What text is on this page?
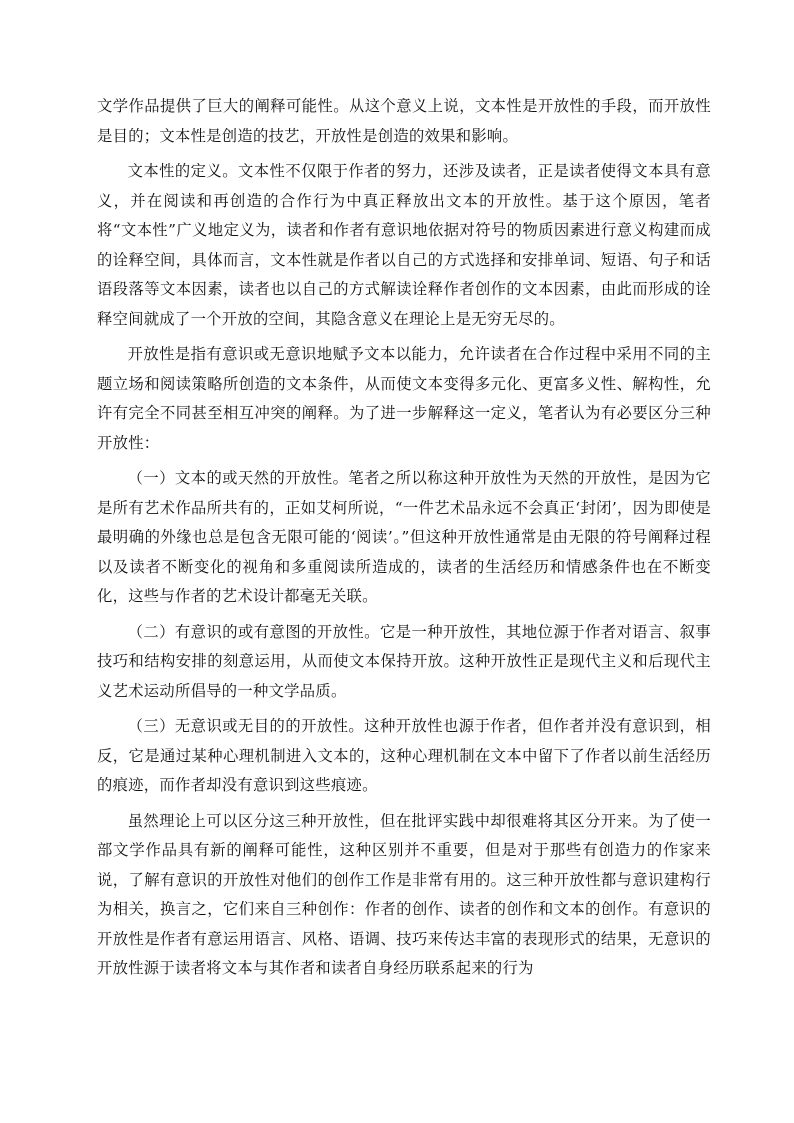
文学作品提供了巨大的阐释可能性。从这个意义上说，文本性是开放性的手段，而开放性是目的；文本性是创造的技艺，开放性是创造的效果和影响。

文本性的定义。文本性不仅限于作者的努力，还涉及读者，正是读者使得文本具有意义，并在阅读和再创造的合作行为中真正释放出文本的开放性。基于这个原因，笔者将“文本性”广义地定义为，读者和作者有意识地依据对符号的物质因素进行意义构建而成的诠释空间，具体而言，文本性就是作者以自己的方式选择和安排单词、短语、句子和话语段落等文本因素，读者也以自己的方式解读诠释作者创作的文本因素，由此而形成的诠释空间就成了一个开放的空间，其隐含意义在理论上是无穷无尽的。

开放性是指有意识或无意识地赋予文本以能力，允许读者在合作过程中采用不同的主题立场和阅读策略所创造的文本条件，从而使文本变得多元化、更富多义性、解构性，允许有完全不同甚至相互冲突的阐释。为了进一步解释这一定义，笔者认为有必要区分三种开放性：

（一）文本的或天然的开放性。笔者之所以称这种开放性为天然的开放性，是因为它是所有艺术作品所共有的，正如艾柯所说，“一件艺术品永远不会真正‘封闭’，因为即使是最明确的外缘也总是包含无限可能的‘阅读’。”但这种开放性通常是由无限的符号阐释过程以及读者不断变化的视角和多重阅读所造成的，读者的生活经历和情感条件也在不断变化，这些与作者的艺术设计都毫无关联。

（二）有意识的或有意图的开放性。它是一种开放性，其地位源于作者对语言、叙事技巧和结构安排的刻意运用，从而使文本保持开放。这种开放性正是现代主义和后现代主义艺术运动所倡导的一种文学品质。

（三）无意识或无目的的开放性。这种开放性也源于作者，但作者并没有意识到，相反，它是通过某种心理机制进入文本的，这种心理机制在文本中留下了作者以前生活经历的痕迹，而作者却没有意识到这些痕迹。

虽然理论上可以区分这三种开放性，但在批评实践中却很难将其区分开来。为了使一部文学作品具有新的阐释可能性，这种区别并不重要，但是对于那些有创造力的作家来说，了解有意识的开放性对他们的创作工作是非常有用的。这三种开放性都与意识建构行为相关，换言之，它们来自三种创作：作者的创作、读者的创作和文本的创作。有意识的开放性是作者有意运用语言、风格、语调、技巧来传达丰富的表现形式的结果，无意识的开放性源于读者将文本与其作者和读者自身经历联系起来的行为
